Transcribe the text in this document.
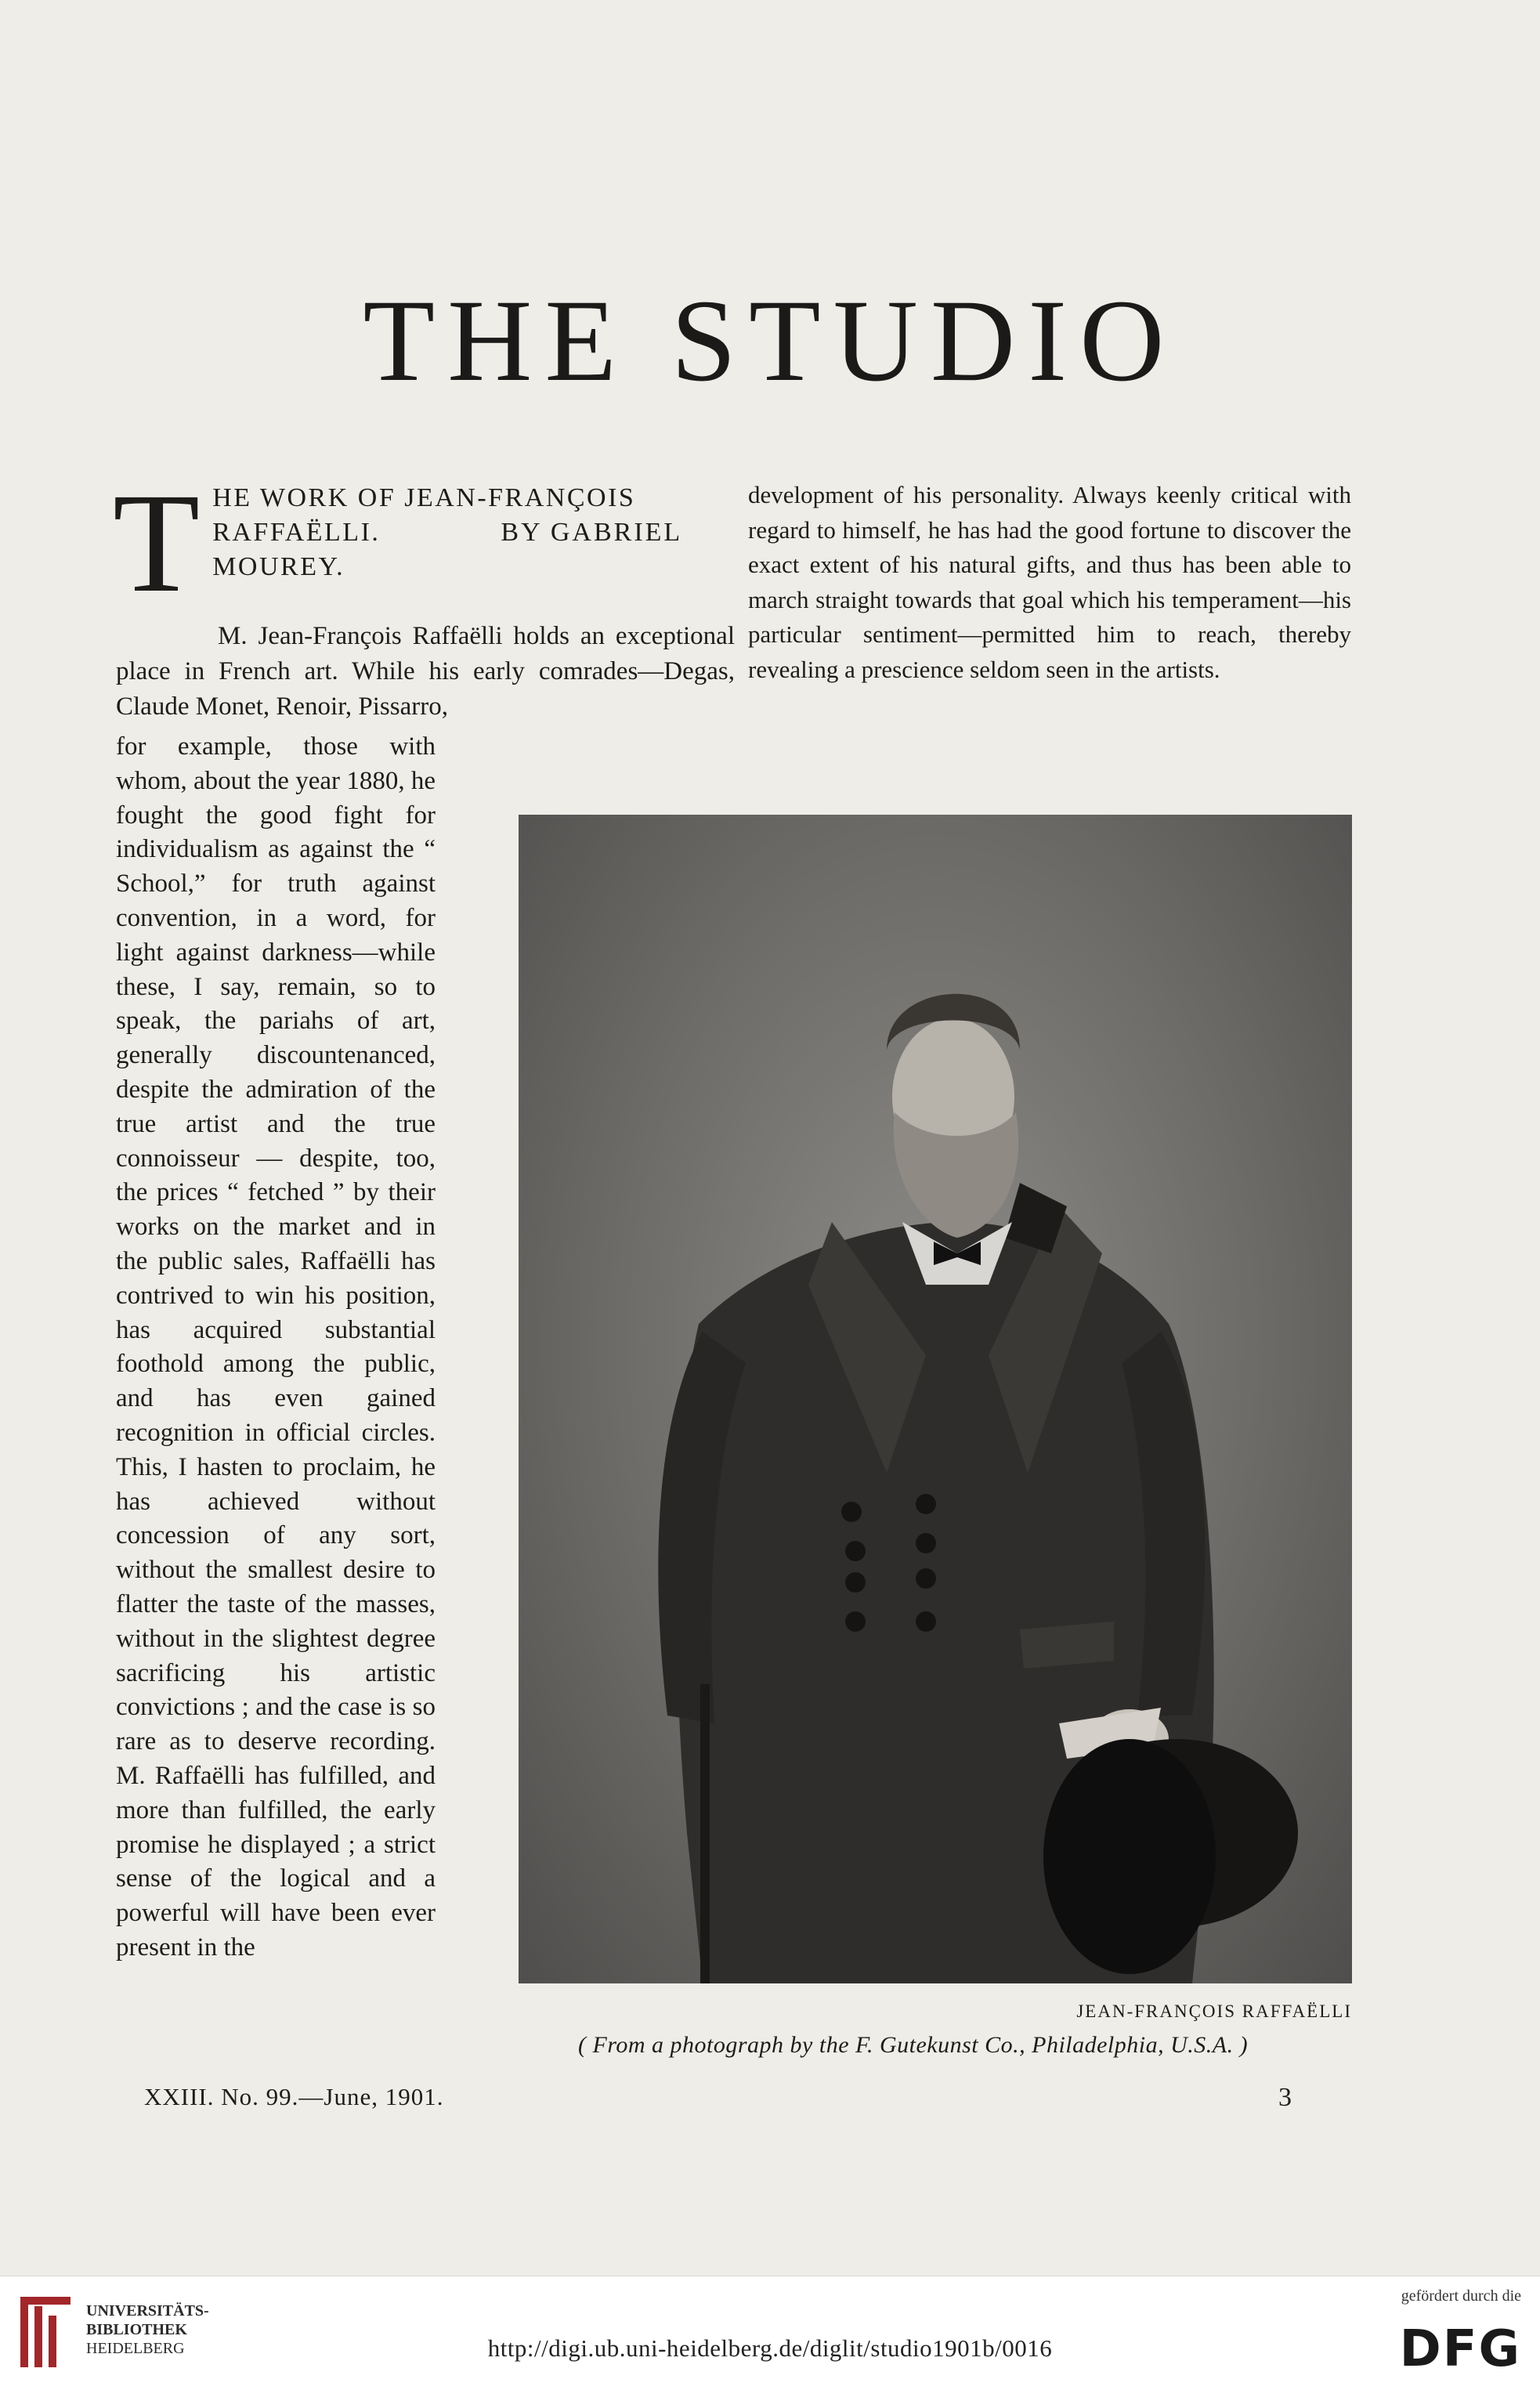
THE STUDIO
T HE WORK OF JEAN-FRANÇOIS
RAFFAËLLI.	BY GABRIEL
MOUREY.
M. Jean-François Raffaëlli holds an exceptional place in French art. While his early comrades—Degas, Claude Monet, Renoir, Pissarro,

for example, those with whom, about the year 1880, he fought the good fight for individualism as against the “ School,” for truth against convention, in a word, for light against darkness—while these, I say, remain, so to speak, the pariahs of art, generally discountenanced, despite the admiration of the true artist and the true connoisseur — despite, too, the prices “ fetched ” by their works on the market and in the public sales, Raffaëlli has contrived to win his position, has acquired substantial foothold among the public, and has even gained recognition in official circles. This, I hasten to proclaim, he has achieved without concession of any sort, without the smallest desire to flatter the taste of the masses, without in the slightest degree sacrificing his artistic convictions ; and the case is so rare as to deserve recording. M. Raffaëlli has fulfilled, and more than fulfilled, the early promise he displayed ; a strict sense of the logical and a powerful will have been ever present in the

development of his personality. Always keenly critical with regard to himself, he has had the good fortune to discover the exact extent of his natural gifts, and thus has been able to march straight towards that goal which his temperament—his particular sentiment—permitted him to reach, thereby revealing a prescience seldom seen in the artists.

JEAN-FRANÇOIS RAFFAËLLI
( From a photograph by the F. Gutekunst Co., Philadelphia, U.S.A. )
XXIII. No. 99.—June, 1901.	3
UNIVERSITÄTS-
BIBLIOTHEK
HEIDELBERG	http://digi.ub.uni-heidelberg.de/diglit/studio1901b/0016
gefördert durch die
DFG
